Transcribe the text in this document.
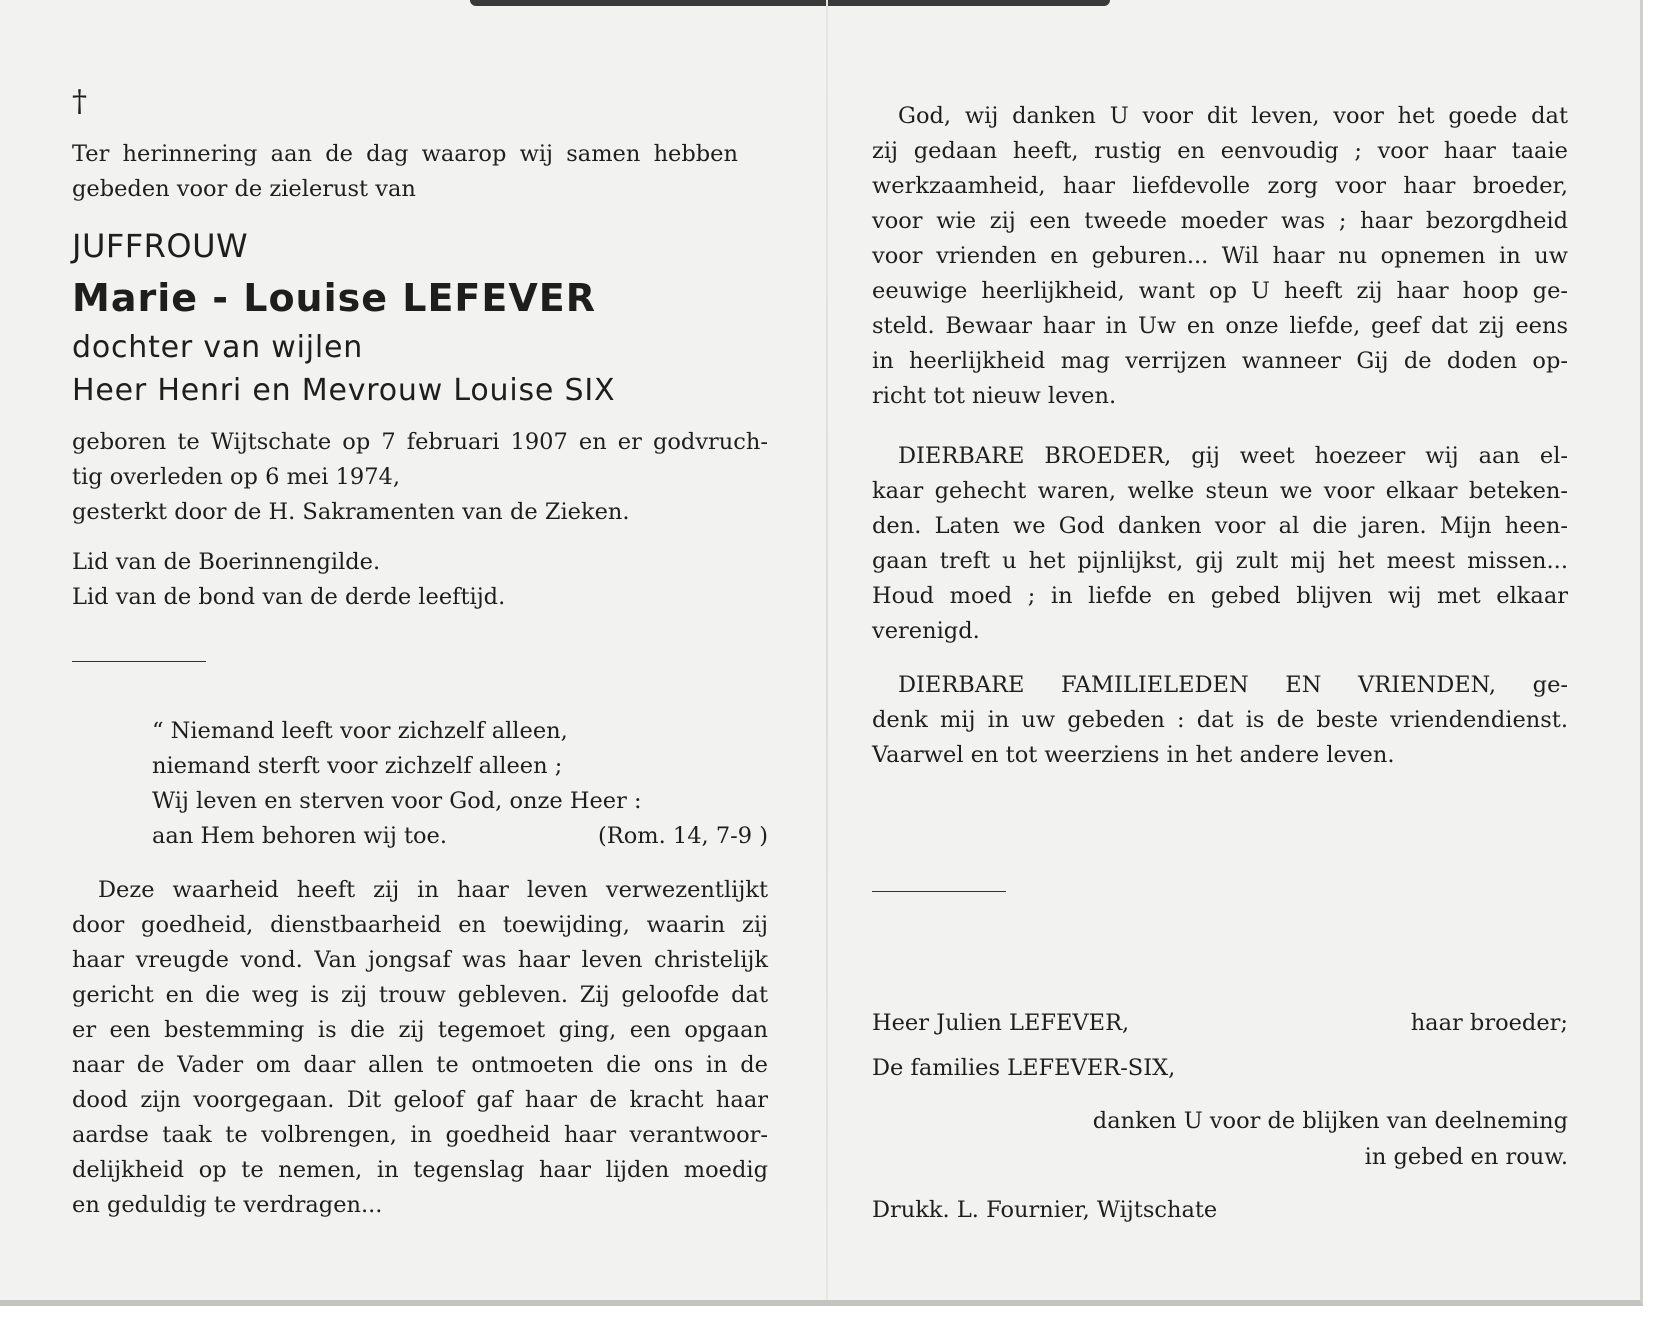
†
Ter herinnering aan de dag waarop wij samen hebben
gebeden voor de zielerust van
JUFFROUW
Marie - Louise LEFEVER
dochter van wijlen
Heer Henri en Mevrouw Louise SIX
geboren te Wijtschate op 7 februari 1907 en er godvruch-
tig overleden op 6 mei 1974,
gesterkt door de H. Sakramenten van de Zieken.
Lid van de Boerinnengilde.
Lid van de bond van de derde leeftijd.
“ Niemand leeft voor zichzelf alleen,
niemand sterft voor zichzelf alleen ;
Wij leven en sterven voor God, onze Heer :
aan Hem behoren wij toe.	(Rom. 14, 7-9 )
Deze waarheid heeft zij in haar leven verwezentlijkt
door goedheid, dienstbaarheid en toewijding, waarin zij
haar vreugde vond. Van jongsaf was haar leven christelijk
gericht en die weg is zij trouw gebleven. Zij geloofde dat
er een bestemming is die zij tegemoet ging, een opgaan
naar de Vader om daar allen te ontmoeten die ons in de
dood zijn voorgegaan. Dit geloof gaf haar de kracht haar
aardse taak te volbrengen, in goedheid haar verantwoor-
delijkheid op te nemen, in tegenslag haar lijden moedig
en geduldig te verdragen...
God, wij danken U voor dit leven, voor het goede dat
zij gedaan heeft, rustig en eenvoudig ; voor haar taaie
werkzaamheid, haar liefdevolle zorg voor haar broeder,
voor wie zij een tweede moeder was ; haar bezorgdheid
voor vrienden en geburen... Wil haar nu opnemen in uw
eeuwige heerlijkheid, want op U heeft zij haar hoop ge-
steld. Bewaar haar in Uw en onze liefde, geef dat zij eens
in heerlijkheid mag verrijzen wanneer Gij de doden op-
richt tot nieuw leven.
DIERBARE BROEDER, gij weet hoezeer wij aan el-
kaar gehecht waren, welke steun we voor elkaar beteken-
den. Laten we God danken voor al die jaren. Mijn heen-
gaan treft u het pijnlijkst, gij zult mij het meest missen...
Houd moed ; in liefde en gebed blijven wij met elkaar
verenigd.
DIERBARE FAMILIELEDEN EN VRIENDEN, ge-
denk mij in uw gebeden : dat is de beste vriendendienst.
Vaarwel en tot weerziens in het andere leven.
Heer Julien LEFEVER,	haar broeder;
De families LEFEVER-SIX,
danken U voor de blijken van deelneming
in gebed en rouw.
Drukk. L. Fournier, Wijtschate
